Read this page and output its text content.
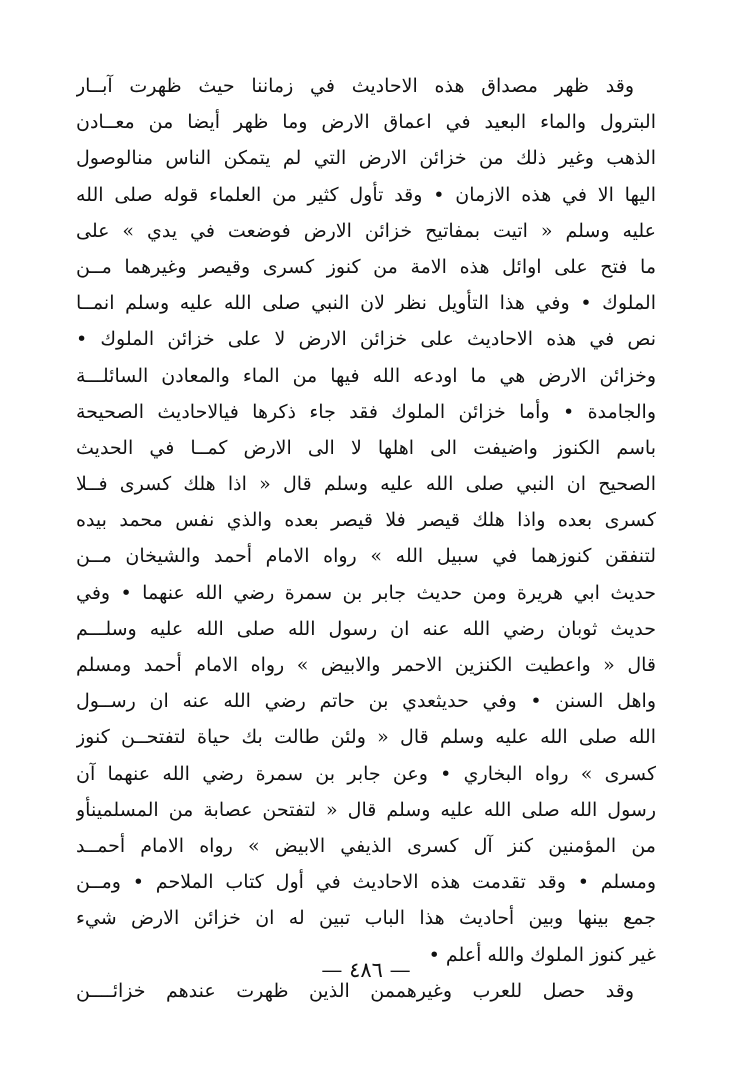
وقد ظهر مصداق هذه الاحاديث في زماننا حيث ظهرت آبــار
البترول والماء البعيد في اعماق الارض وما ظهر أيضا من معــادن
الذهب وغير ذلك من خزائن الارض التي لم يتمكن الناس منالوصول
اليها الا في هذه الازمان • وقد تأول كثير من العلماء قوله صلى الله
عليه وسلم « اتيت بمفاتيح خزائن الارض فوضعت في يدي » على
ما فتح على اوائل هذه الامة من كنوز كسرى وقيصر وغيرهما مــن
الملوك • وفي هذا التأويل نظر لان النبي صلى الله عليه وسلم انمــا
نص في هذه الاحاديث على خزائن الارض لا على خزائن الملوك •
وخزائن الارض هي ما اودعه الله فيها من الماء والمعادن السائلـــة
والجامدة • وأما خزائن الملوك فقد جاء ذكرها فيالاحاديث الصحيحة
باسم الكنوز واضيفت الى اهلها لا الى الارض كمــا في الحديث
الصحيح ان النبي صلى الله عليه وسلم قال « اذا هلك كسرى فــلا
كسرى بعده واذا هلك قيصر فلا قيصر بعده والذي نفس محمد بيده
لتنفقن كنوزهما في سبيل الله » رواه الامام أحمد والشيخان مــن
حديث ابي هريرة ومن حديث جابر بن سمرة رضي الله عنهما • وفي
حديث ثوبان رضي الله عنه ان رسول الله صلى الله عليه وسلـــم
قال « واعطيت الكنزين الاحمر والابيض » رواه الامام أحمد ومسلم
واهل السنن • وفي حديثعدي بن حاتم رضي الله عنه ان رســول
الله صلى الله عليه وسلم قال « ولئن طالت بك حياة لتفتحــن كنوز
كسرى » رواه البخاري • وعن جابر بن سمرة رضي الله عنهما آن
رسول الله صلى الله عليه وسلم قال « لتفتحن عصابة من المسلمينأو
من المؤمنين كنز آل كسرى الذيفي الابيض » رواه الامام أحمــد
ومسلم • وقد تقدمت هذه الاحاديث في أول كتاب الملاحم • ومــن
جمع بينها وبين أحاديث هذا الباب تبين له ان خزائن الارض شيء
غير كنوز الملوك والله أعلم •
وقد حصل للعرب وغيرهممن الذين ظهرت عندهم خزائــــن
— ٤٨٦ —
